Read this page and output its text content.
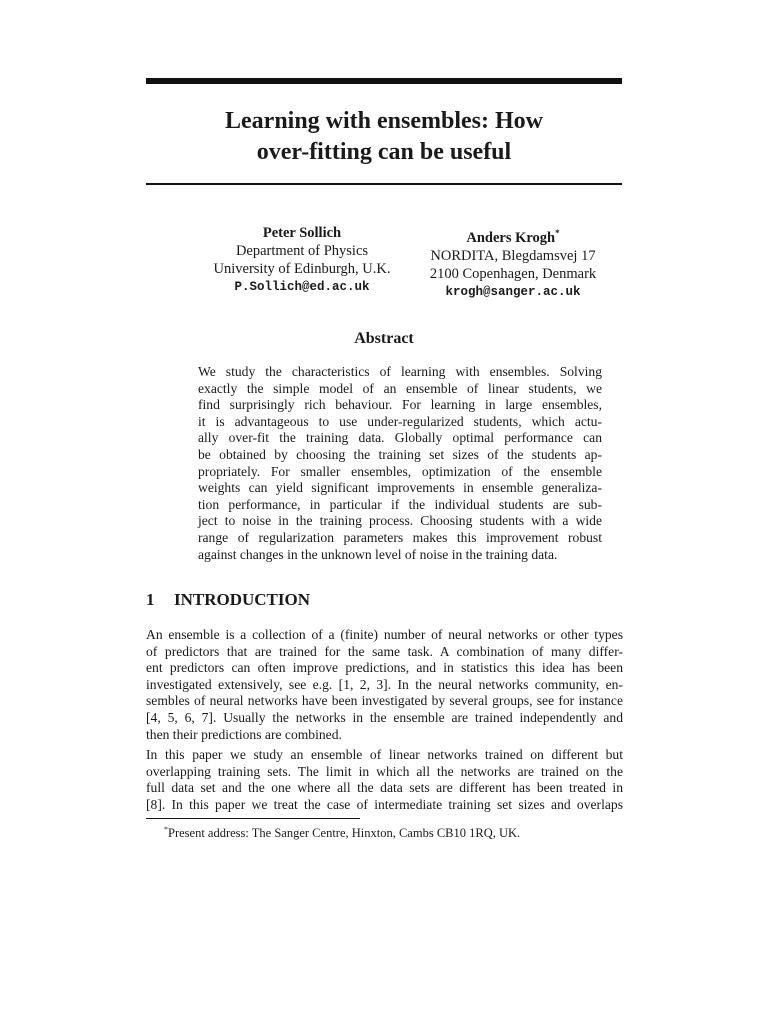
Learning with ensembles: How
over-fitting can be useful
Peter Sollich
Department of Physics
University of Edinburgh, U.K.
P.Sollich@ed.ac.uk
Anders Krogh*
NORDITA, Blegdamsvej 17
2100 Copenhagen, Denmark
krogh@sanger.ac.uk
Abstract
We study the characteristics of learning with ensembles. Solving
exactly the simple model of an ensemble of linear students, we
find surprisingly rich behaviour. For learning in large ensembles,
it is advantageous to use under-regularized students, which actu-
ally over-fit the training data. Globally optimal performance can
be obtained by choosing the training set sizes of the students ap-
propriately. For smaller ensembles, optimization of the ensemble
weights can yield significant improvements in ensemble generaliza-
tion performance, in particular if the individual students are sub-
ject to noise in the training process. Choosing students with a wide
range of regularization parameters makes this improvement robust
against changes in the unknown level of noise in the training data.
1 INTRODUCTION
An ensemble is a collection of a (finite) number of neural networks or other types
of predictors that are trained for the same task. A combination of many differ-
ent predictors can often improve predictions, and in statistics this idea has been
investigated extensively, see e.g. [1, 2, 3]. In the neural networks community, en-
sembles of neural networks have been investigated by several groups, see for instance
[4, 5, 6, 7]. Usually the networks in the ensemble are trained independently and
then their predictions are combined.
In this paper we study an ensemble of linear networks trained on different but
overlapping training sets. The limit in which all the networks are trained on the
full data set and the one where all the data sets are different has been treated in
[8]. In this paper we treat the case of intermediate training set sizes and overlaps
*Present address: The Sanger Centre, Hinxton, Cambs CB10 1RQ, UK.
